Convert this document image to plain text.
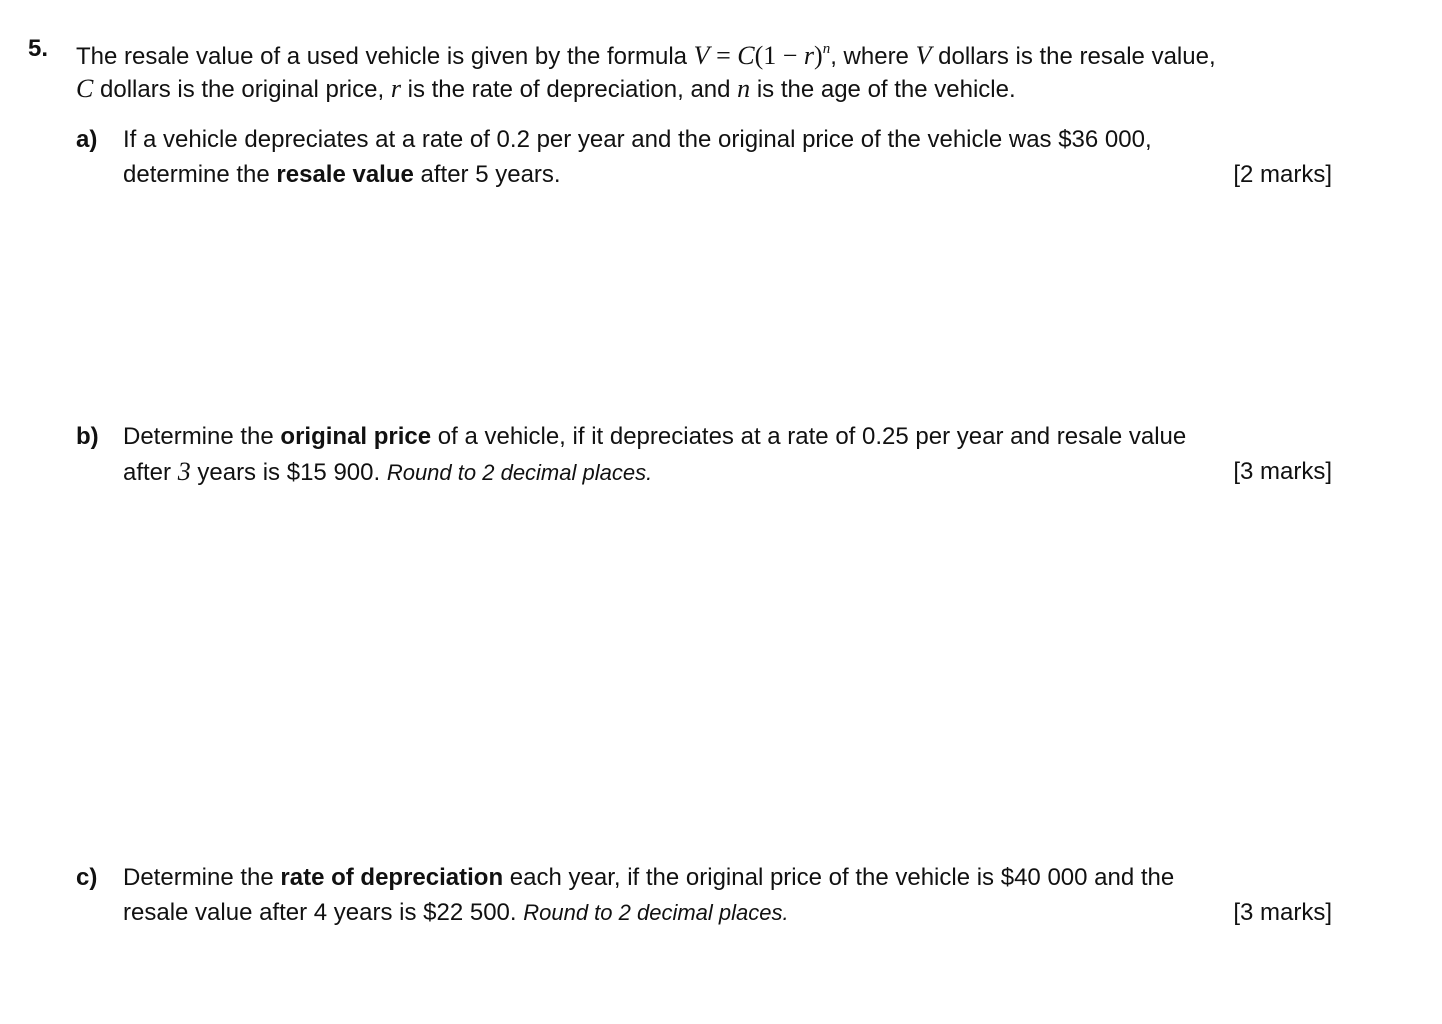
5. The resale value of a used vehicle is given by the formula $V = C(1 - r)^n$, where V dollars is the resale value,
C dollars is the original price, r is the rate of depreciation, and n is the age of the vehicle.
a) If a vehicle depreciates at a rate of 0.2 per year and the original price of the vehicle was $36 000,
determine the resale value after 5 years.	[2 marks]
b) Determine the original price of a vehicle, if it depreciates at a rate of 0.25 per year and resale value
after 3 years is $15 900. Round to 2 decimal places.	[3 marks]
c) Determine the rate of depreciation each year, if the original price of the vehicle is $40 000 and the
resale value after 4 years is $22 500. Round to 2 decimal places.	[3 marks]
